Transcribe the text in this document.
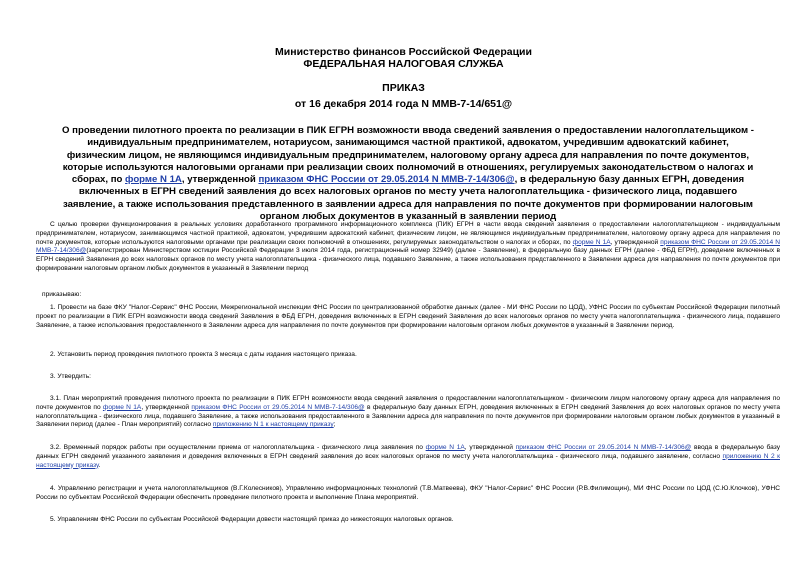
Министерство финансов Российской Федерации
ФЕДЕРАЛЬНАЯ НАЛОГОВАЯ СЛУЖБА
ПРИКАЗ
от 16 декабря 2014 года N ММВ-7-14/651@
О проведении пилотного проекта по реализации в ПИК ЕГРН возможности ввода сведений заявления о предоставлении налогоплательщиком - индивидуальным предпринимателем, нотариусом, занимающимся частной практикой, адвокатом, учредившим адвокатский кабинет, физическим лицом, не являющимся индивидуальным предпринимателем, налоговому органу адреса для направления по почте документов, которые используются налоговыми органами при реализации своих полномочий в отношениях, регулируемых законодательством о налогах и сборах, по форме N 1А, утвержденной приказом ФНС России от 29.05.2014 N ММВ-7-14/306@, в федеральную базу данных ЕГРН, доведения включенных в ЕГРН сведений заявления до всех налоговых органов по месту учета налогоплательщика - физического лица, подавшего заявление, а также использования представленного в заявлении адреса для направления по почте документов при формировании налоговым органом любых документов в указанный в заявлении период
С целью проверки функционирования в реальных условиях доработанного программного информационного комплекса (ПИК) ЕГРН в части ввода сведений заявления о предоставлении налогоплательщиком - индивидуальным предпринимателем, нотариусом, занимающимся частной практикой, адвокатом, учредившим адвокатский кабинет, физическим лицом, не являющимся индивидуальным предпринимателем, налоговому органу адреса для направления по почте документов, которые используются налоговыми органами при реализации своих полномочий в отношениях, регулируемых законодательством о налогах и сборах, по форме N 1А, утвержденной приказом ФНС России от 29.05.2014 N ММВ-7-14/306@(зарегистрирован Министерством юстиции Российской Федерации 3 июля 2014 года, регистрационный номер 32949) (далее - Заявление), в федеральную базу данных ЕГРН (далее - ФБД ЕГРН), доведение включенных в ЕГРН сведений Заявления до всех налоговых органов по месту учета налогоплательщика - физического лица, подавшего Заявление, а также использования представленного в Заявлении адреса для направления по почте документов при формировании налоговым органом любых документов в указанный в Заявлении период
приказываю:
1. Провести на базе ФКУ "Налог-Сервис" ФНС России, Межрегиональной инспекции ФНС России по централизованной обработке данных (далее - МИ ФНС России по ЦОД), УФНС России по субъектам Российской Федерации пилотный проект по реализации в ПИК ЕГРН возможности ввода сведений Заявления в ФБД ЕГРН, доведения включенных в ЕГРН сведений Заявления до всех налоговых органов по месту учета налогоплательщика - физического лица, подавшего Заявление, а также использования предоставленного в Заявлении адреса для направления по почте документов при формировании налоговым органом любых документов в указанный в Заявлении период.
2. Установить период проведения пилотного проекта 3 месяца с даты издания настоящего приказа.
3. Утвердить:
3.1. План мероприятий проведения пилотного проекта по реализации в ПИК ЕГРН возможности ввода сведений заявления о предоставлении налогоплательщиком - физическим лицом налоговому органу адреса для направления по почте документов по форме N 1А, утвержденной приказом ФНС России от 29.05.2014 N ММВ-7-14/306@ в федеральную базу данных ЕГРН, доведения включенных в ЕГРН сведений Заявления до всех налоговых органов по месту учета налогоплательщика - физического лица, подавшего Заявление, а также использования предоставленного в Заявлении адреса для направления по почте документов при формировании налоговым органом любых документов в указанный в Заявлении период (далее - План мероприятий) согласно приложению N 1 к настоящему приказу;
3.2. Временный порядок работы при осуществлении приема от налогоплательщика - физического лица заявления по форме N 1А, утвержденной приказом ФНС России от 29.05.2014 N ММВ-7-14/306@ ввода в федеральную базу данных ЕГРН сведений указанного заявления и доведения включенных в ЕГРН сведений заявления до всех налоговых органов по месту учета налогоплательщика - физического лица, подавшего заявление, согласно приложению N 2 к настоящему приказу.
4. Управлению регистрации и учета налогоплательщиков (В.Г.Колесников), Управлению информационных технологий (Т.В.Матвеева), ФКУ "Налог-Сервис" ФНС России (Р.В.Филимощин), МИ ФНС России по ЦОД (С.Ю.Клочков), УФНС России по субъектам Российской Федерации обеспечить проведение пилотного проекта и выполнение Плана мероприятий.
5. Управлениям ФНС России по субъектам Российской Федерации довести настоящий приказ до нижестоящих налоговых органов.
